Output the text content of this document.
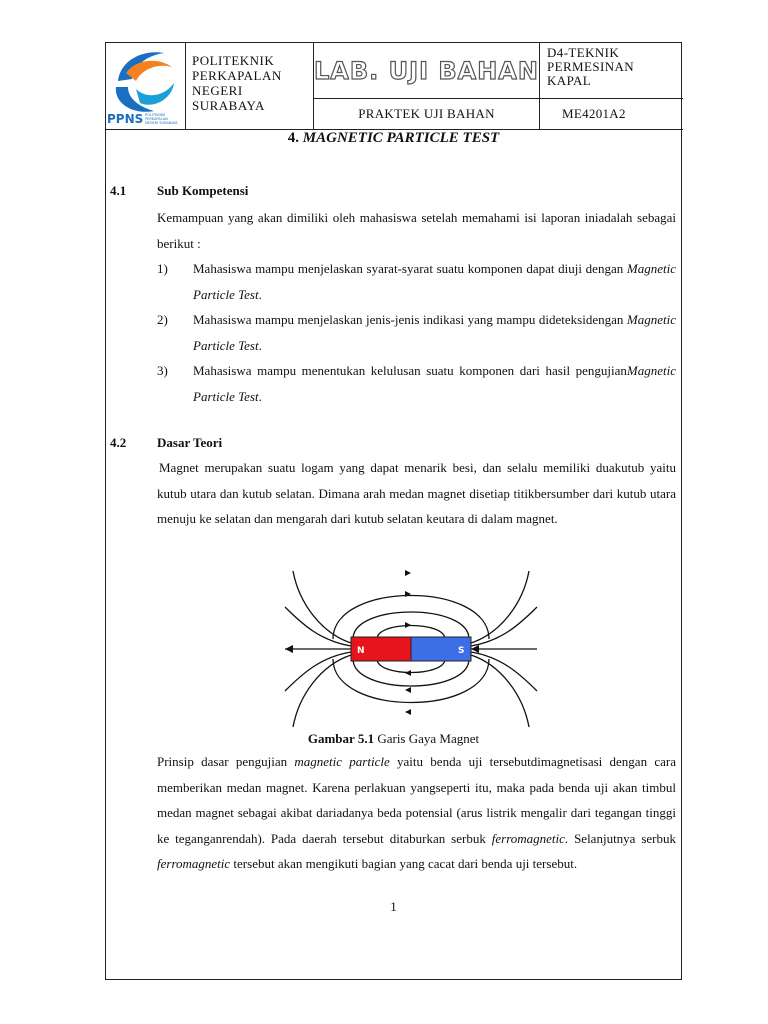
PPNS POLITEKNIK
PERKAPALAN
NEGERI SURABAYA
POLITEKNIK
PERKAPALAN
NEGERI
SURABAYA
LAB. UJI BAHAN
D4-TEKNIK
PERMESINAN
KAPAL
PRAKTEK UJI BAHAN	ME4201A2
4. MAGNETIC PARTICLE TEST
4.1 Sub Kompetensi
Kemampuan yang akan dimiliki oleh mahasiswa setelah memahami isi laporan iniadalah sebagai berikut :
1) Mahasiswa mampu menjelaskan syarat-syarat suatu komponen dapat diuji dengan Magnetic Particle Test.
2) Mahasiswa mampu menjelaskan jenis-jenis indikasi yang mampu dideteksidengan Magnetic Particle Test.
3) Mahasiswa mampu menentukan kelulusan suatu komponen dari hasil pengujianMagnetic Particle Test.
4.2 Dasar Teori
Magnet merupakan suatu logam yang dapat menarik besi, dan selalu memiliki duakutub yaitu kutub utara dan kutub selatan. Dimana arah medan magnet disetiap titikbersumber dari kutub utara menuju ke selatan dan mengarah dari kutub selatan keutara di dalam magnet.
N	S
Gambar 5.1 Garis Gaya Magnet
Prinsip dasar pengujian magnetic particle yaitu benda uji tersebutdimagnetisasi dengan cara memberikan medan magnet. Karena perlakuan yangseperti itu, maka pada benda uji akan timbul medan magnet sebagai akibat dariadanya beda potensial (arus listrik mengalir dari tegangan tinggi ke teganganrendah). Pada daerah tersebut ditaburkan serbuk ferromagnetic. Selanjutnya serbuk ferromagnetic tersebut akan mengikuti bagian yang cacat dari benda uji tersebut.
1
